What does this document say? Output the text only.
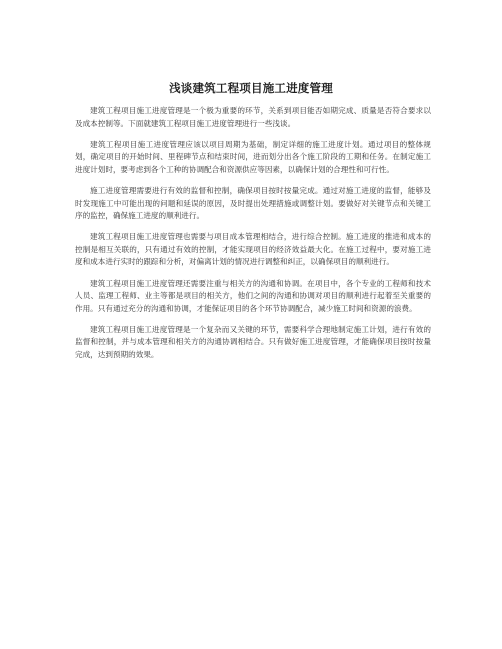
浅谈建筑工程项目施工进度管理

建筑工程项目施工进度管理是一个极为重要的环节，关系到项目能否如期完成、质量是否符合要求以及成本控制等。下面就建筑工程项目施工进度管理进行一些浅谈。

建筑工程项目施工进度管理应该以项目周期为基础，制定详细的施工进度计划。通过项目的整体规划，确定项目的开始时间、里程碑节点和结束时间，进而划分出各个施工阶段的工期和任务。在制定施工进度计划时，要考虑到各个工种的协调配合和资源供应等因素，以确保计划的合理性和可行性。

施工进度管理需要进行有效的监督和控制，确保项目按时按量完成。通过对施工进度的监督，能够及时发现施工中可能出现的问题和延误的原因，及时提出处理措施或调整计划。要做好对关键节点和关键工序的监控，确保施工进度的顺利进行。

建筑工程项目施工进度管理也需要与项目成本管理相结合，进行综合控制。施工进度的推进和成本的控制是相互关联的，只有通过有效的控制，才能实现项目的经济效益最大化。在施工过程中，要对施工进度和成本进行实时的跟踪和分析，对偏离计划的情况进行调整和纠正，以确保项目的顺利进行。

建筑工程项目施工进度管理还需要注重与相关方的沟通和协调。在项目中，各个专业的工程师和技术人员、监理工程师、业主等都是项目的相关方，他们之间的沟通和协调对项目的顺利进行起着至关重要的作用。只有通过充分的沟通和协调，才能保证项目的各个环节协调配合，减少施工时间和资源的浪费。

建筑工程项目施工进度管理是一个复杂而又关键的环节，需要科学合理地制定施工计划，进行有效的监督和控制，并与成本管理和相关方的沟通协调相结合。只有做好施工进度管理，才能确保项目按时按量完成，达到预期的效果。
